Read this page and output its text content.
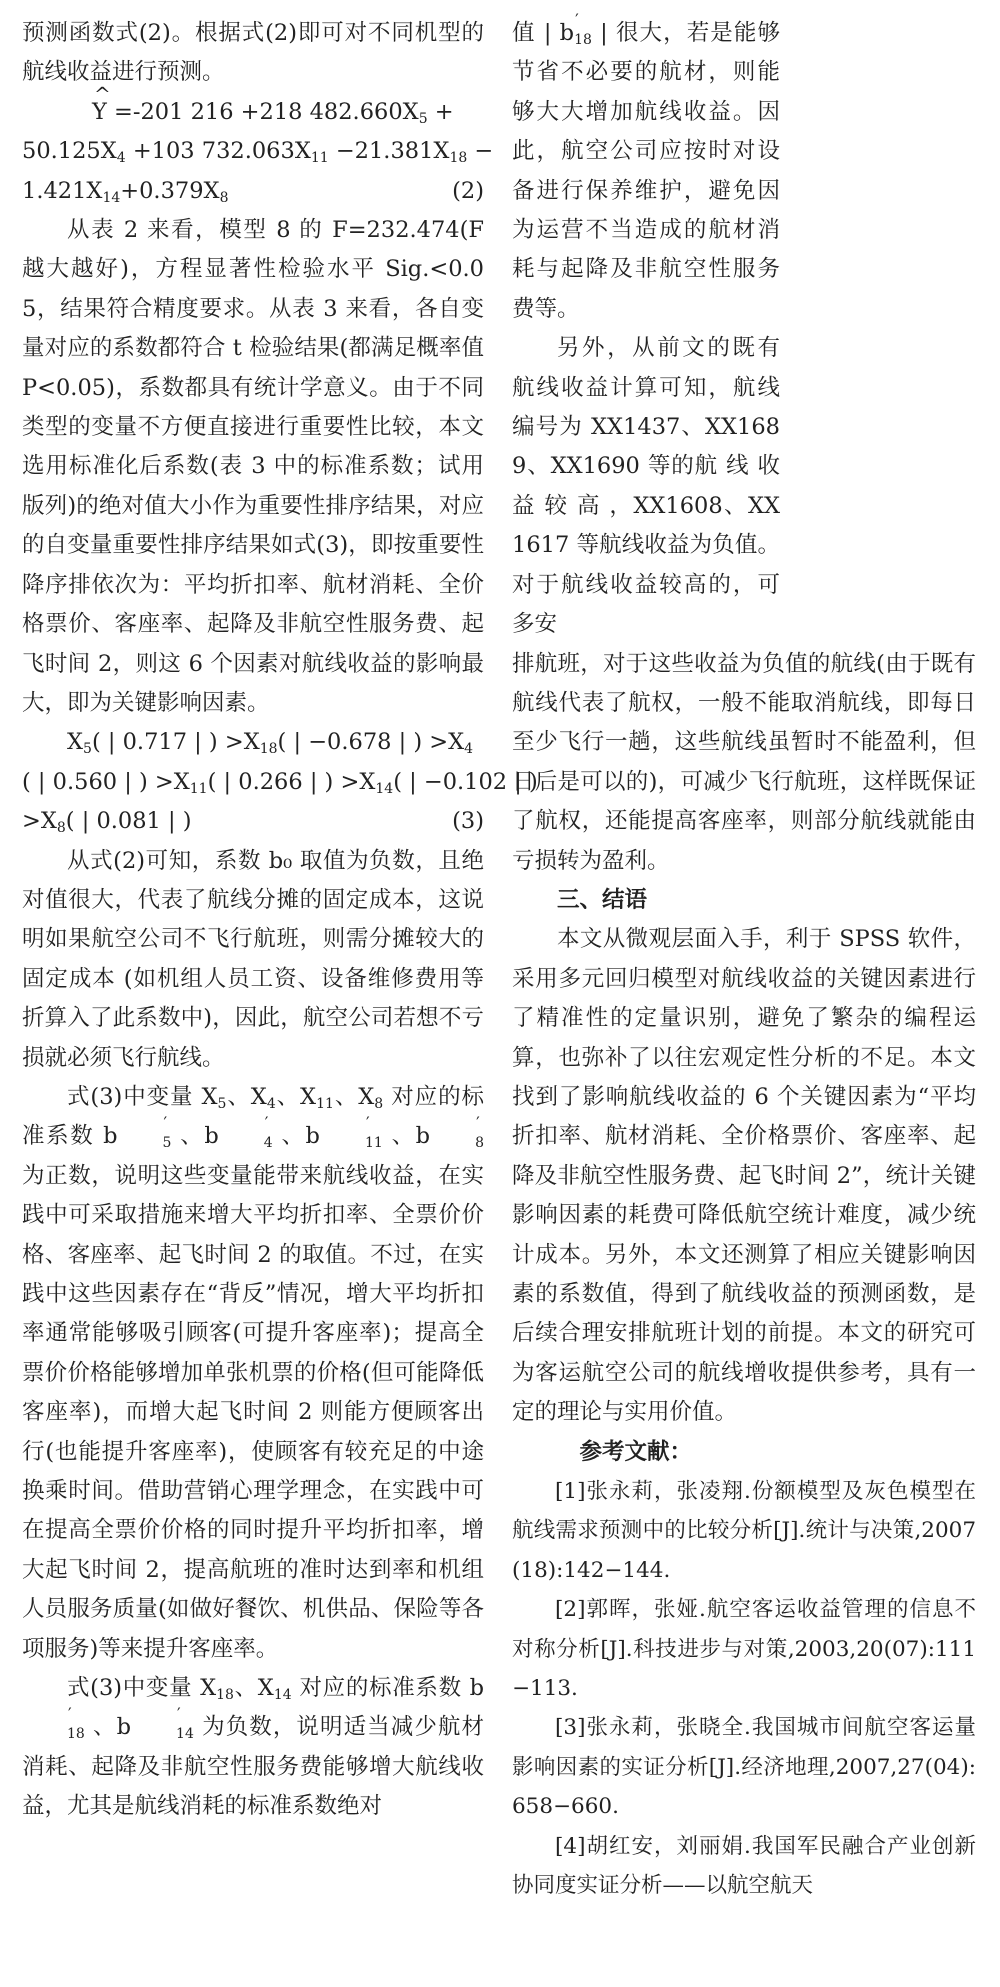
预测函数式(2)。根据式(2)即可对不同机型的航线收益进行预测。

^ Y =-201 216 +218 $482.660X_5$ +

$50.125X_4 +103$ $732.063X_{11} -21.381X_{18}$ −

$1.421X_{14}+0.379X_8$	(2)

从表 2 来看，模型 8 的 F=232.474(F越大越好)，方程显著性检验水平 Sig.<0.05，结果符合精度要求。从表 3 来看，各自变量对应的系数都符合 t 检验结果(都满足概率值P<0.05)，系数都具有统计学意义。由于不同类型的变量不方便直接进行重要性比较，本文选用标准化后系数(表 3 中的标准系数；试用版列)的绝对值大小作为重要性排序结果，对应的自变量重要性排序结果如式(3)，即按重要性降序排依次为：平均折扣率、航材消耗、全价格票价、客座率、起降及非航空性服务费、起飞时间 2，则这 6 个因素对航线收益的影响最大，即为关键影响因素。

$X_5$( | 0.717 | ) $>X_{18}$( | −0.678 | ) $>X_4$

( | 0.560 | ) $>X_{11}$( | 0.266 | ) $>X_{14}$( | −0.102 | )

$>X_8$( | 0.081 | )	(3)

从式(2)可知，系数 b₀ 取值为负数，且绝对值很大，代表了航线分摊的固定成本，这说明如果航空公司不飞行航班，则需分摊较大的固定成本 (如机组人员工资、设备维修费用等折算入了此系数中)，因此，航空公司若想不亏损就必须飞行航线。

式(3)中变量 $X_5$、$X_4$、$X_{11}$、$X_8$ 对应的标准系数 b	$_5$ 、b	$_4$ 、b	$_{11}$ 、b	$_8$ 为正数，说明这些变量能带来航线收益，在实践中可采取措施来增大平均折扣率、全票价价格、客座率、起飞时间 2 的取值。不过，在实践中这些因素存在“背反”情况，增大平均折扣率通常能够吸引顾客(可提升客座率)；提高全票价价格能够增加单张机票的价格(但可能降低客座率)，而增大起飞时间 2 则能方便顾客出行(也能提升客座率)，使顾客有较充足的中途换乘时间。借助营销心理学理念，在实践中可在提高全票价价格的同时提升平均折扣率，增大起飞时间 2，提高航班的准时达到率和机组人员服务质量(如做好餐饮、机供品、保险等各项服务)等来提升客座率。

式(3)中变量 $X_{18}$、$X_{14}$ 对应的标准系数 $b_{18}$ 、b	$_{14}$ 为负数，说明适当减少航材消耗、起降及非航空性服务费能够增大航线收益，尤其是航线消耗的标准系数绝对

值 | $b_{18}$ | 很大，若是能够节省不必要的航材，则能够大大增加航线收益。因此，航空公司应按时对设备进行保养维护，避免因为运营不当造成的航材消耗与起降及非航空性服务费等。

另外，从前文的既有航线收益计算可知，航线编号为 XX1437、XX1689、XX1690 等的航 线 收 益 较 高 ，XX1608、XX1617 等航线收益为负值。对于航线收益较高的，可多安

排航班，对于这些收益为负值的航线(由于既有航线代表了航权，一般不能取消航线，即每日至少飞行一趟，这些航线虽暂时不能盈利，但日后是可以的)，可减少飞行航班，这样既保证了航权，还能提高客座率，则部分航线就能由亏损转为盈利。

三、结语

本文从微观层面入手，利于 SPSS 软件，采用多元回归模型对航线收益的关键因素进行了精准性的定量识别，避免了繁杂的编程运算，也弥补了以往宏观定性分析的不足。本文找到了影响航线收益的 6 个关键因素为“平均折扣率、航材消耗、全价格票价、客座率、起降及非航空性服务费、起飞时间 2”，统计关键影响因素的耗费可降低航空统计难度，减少统计成本。另外，本文还测算了相应关键影响因素的系数值，得到了航线收益的预测函数，是后续合理安排航班计划的前提。本文的研究可为客运航空公司的航线增收提供参考，具有一定的理论与实用价值。

参考文献：

[1]张永莉，张凌翔.份额模型及灰色模型在航线需求预测中的比较分析[J].统计与决策,2007(18):142−144.

[2]郭晖，张娅.航空客运收益管理的信息不对称分析[J].科技进步与对策,2003,20(07):111−113.

[3]张永莉，张晓全.我国城市间航空客运量影响因素的实证分析[J].经济地理,2007,27(04):658−660.

[4]胡红安，刘丽娟.我国军民融合产业创新协同度实证分析——以航空航天
